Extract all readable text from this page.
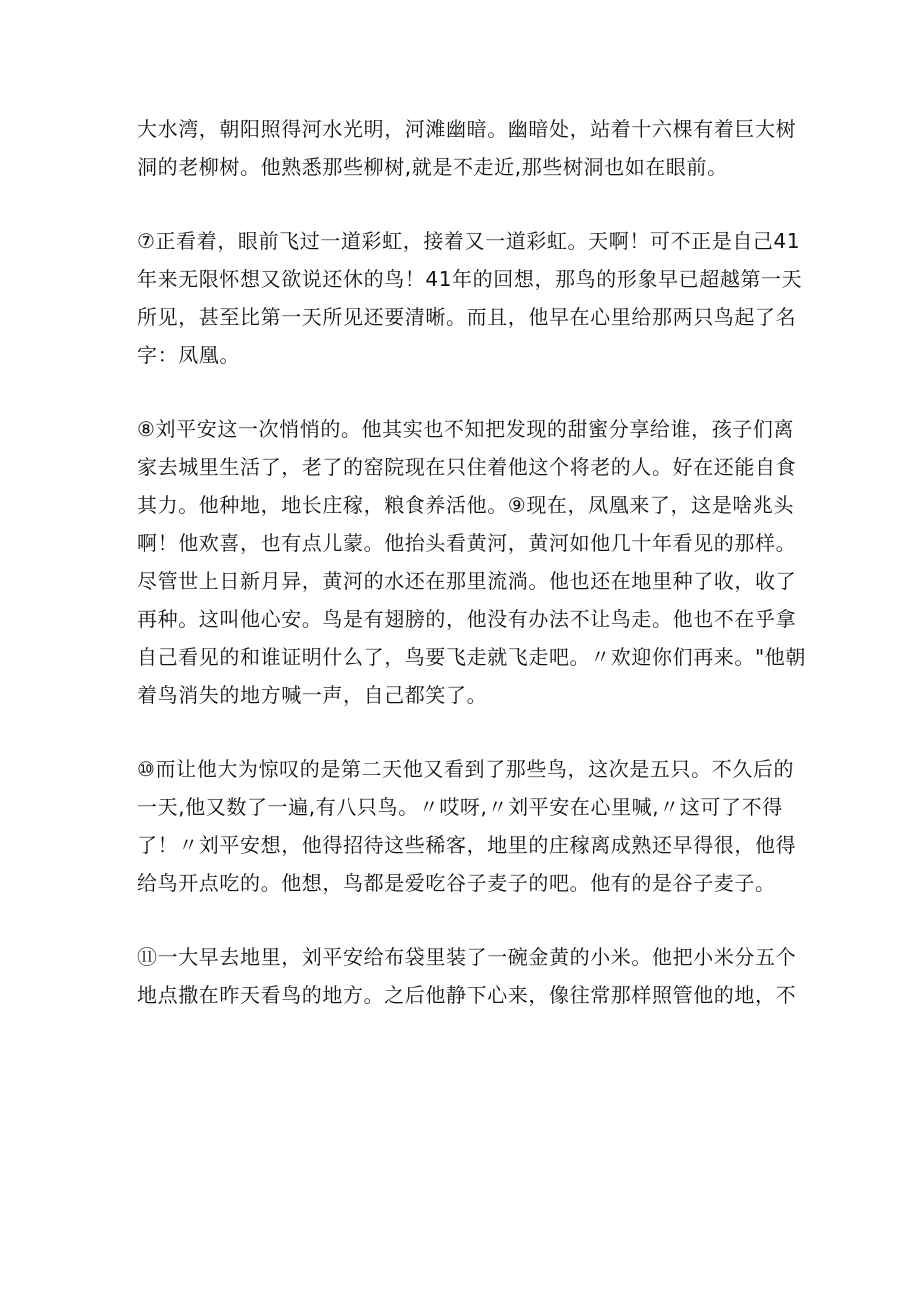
大水湾，朝阳照得河水光明，河滩幽暗。幽暗处，站着十六棵有着巨大树
洞的老柳树。他熟悉那些柳树,就是不走近,那些树洞也如在眼前。

⑦正看着，眼前飞过一道彩虹，接着又一道彩虹。天啊！可不正是自己41
年来无限怀想又欲说还休的鸟！41年的回想，那鸟的形象早已超越第一天
所见，甚至比第一天所见还要清晰。而且，他早在心里给那两只鸟起了名
字：凤凰。

⑧刘平安这一次悄悄的。他其实也不知把发现的甜蜜分享给谁，孩子们离
家去城里生活了，老了的窑院现在只住着他这个将老的人。好在还能自食
其力。他种地，地长庄稼，粮食养活他。⑨现在，凤凰来了，这是啥兆头
啊！他欢喜，也有点儿蒙。他抬头看黄河，黄河如他几十年看见的那样。
尽管世上日新月异，黄河的水还在那里流淌。他也还在地里种了收，收了
再种。这叫他心安。鸟是有翅膀的，他没有办法不让鸟走。他也不在乎拿
自己看见的和谁证明什么了，鸟要飞走就飞走吧。〃欢迎你们再来。"他朝
着鸟消失的地方喊一声，自己都笑了。

⑩而让他大为惊叹的是第二天他又看到了那些鸟，这次是五只。不久后的
一天,他又数了一遍,有八只鸟。〃哎呀,〃刘平安在心里喊,〃这可了不得
了！〃刘平安想，他得招待这些稀客，地里的庄稼离成熟还早得很，他得
给鸟开点吃的。他想，鸟都是爱吃谷子麦子的吧。他有的是谷子麦子。

⑪一大早去地里，刘平安给布袋里装了一碗金黄的小米。他把小米分五个
地点撒在昨天看鸟的地方。之后他静下心来，像往常那样照管他的地，不
